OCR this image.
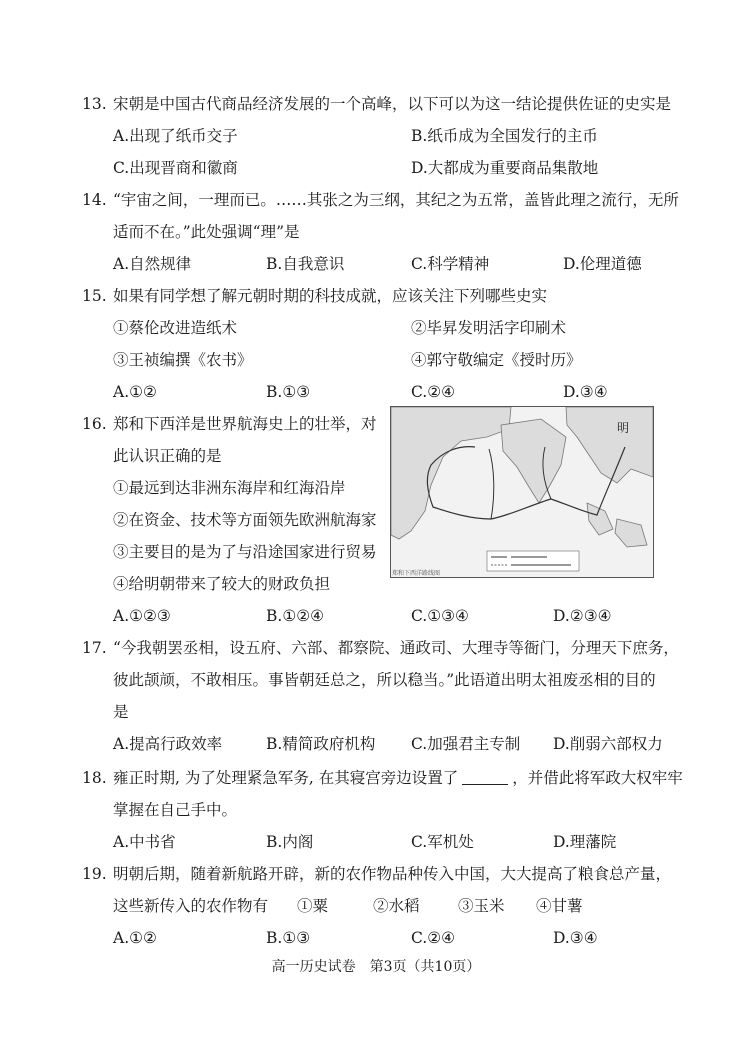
13. 宋朝是中国古代商品经济发展的一个高峰，以下可以为这一结论提供佐证的史实是
A.出现了纸币交子	B.纸币成为全国发行的主币
C.出现晋商和徽商	D.大都成为重要商品集散地
14. “宇宙之间，一理而已。……其张之为三纲，其纪之为五常，盖皆此理之流行，无所
适而不在。”此处强调“理”是
A.自然规律	B.自我意识	C.科学精神	D.伦理道德
15. 如果有同学想了解元朝时期的科技成就，应该关注下列哪些史实
①蔡伦改进造纸术	②毕昇发明活字印刷术
③王祯编撰《农书》	④郭守敬编定《授时历》
A.①②	B.①③	C.②④	D.③④
16. 郑和下西洋是世界航海史上的壮举，对
此认识正确的是
①最远到达非洲东海岸和红海沿岸
②在资金、技术等方面领先欧洲航海家
③主要目的是为了与沿途国家进行贸易
④给明朝带来了较大的财政负担
明
郑和下西洋路线图
A.①②③	B.①②④	C.①③④	D.②③④
17. “今我朝罢丞相，设五府、六部、都察院、通政司、大理寺等衙门，分理天下庶务，
彼此颉颃，不敢相压。事皆朝廷总之，所以稳当。”此语道出明太祖废丞相的目的
是
A.提高行政效率	B.精简政府机构 C.加强君主专制 D.削弱六部权力
18. 雍正时期, 为了处理紧急军务, 在其寝宫旁边设置了	，并借此将军政大权牢牢
掌握在自己手中。
A.中书省	B.内阁	C.军机处	D.理藩院
19. 明朝后期，随着新航路开辟，新的农作物品种传入中国，大大提高了粮食总产量，
这些新传入的农作物有 ①粟	②水稻 ③玉米 ④甘薯
A.①②	B.①③	C.②④	D.③④
高一历史试卷　第3页（共10页）
